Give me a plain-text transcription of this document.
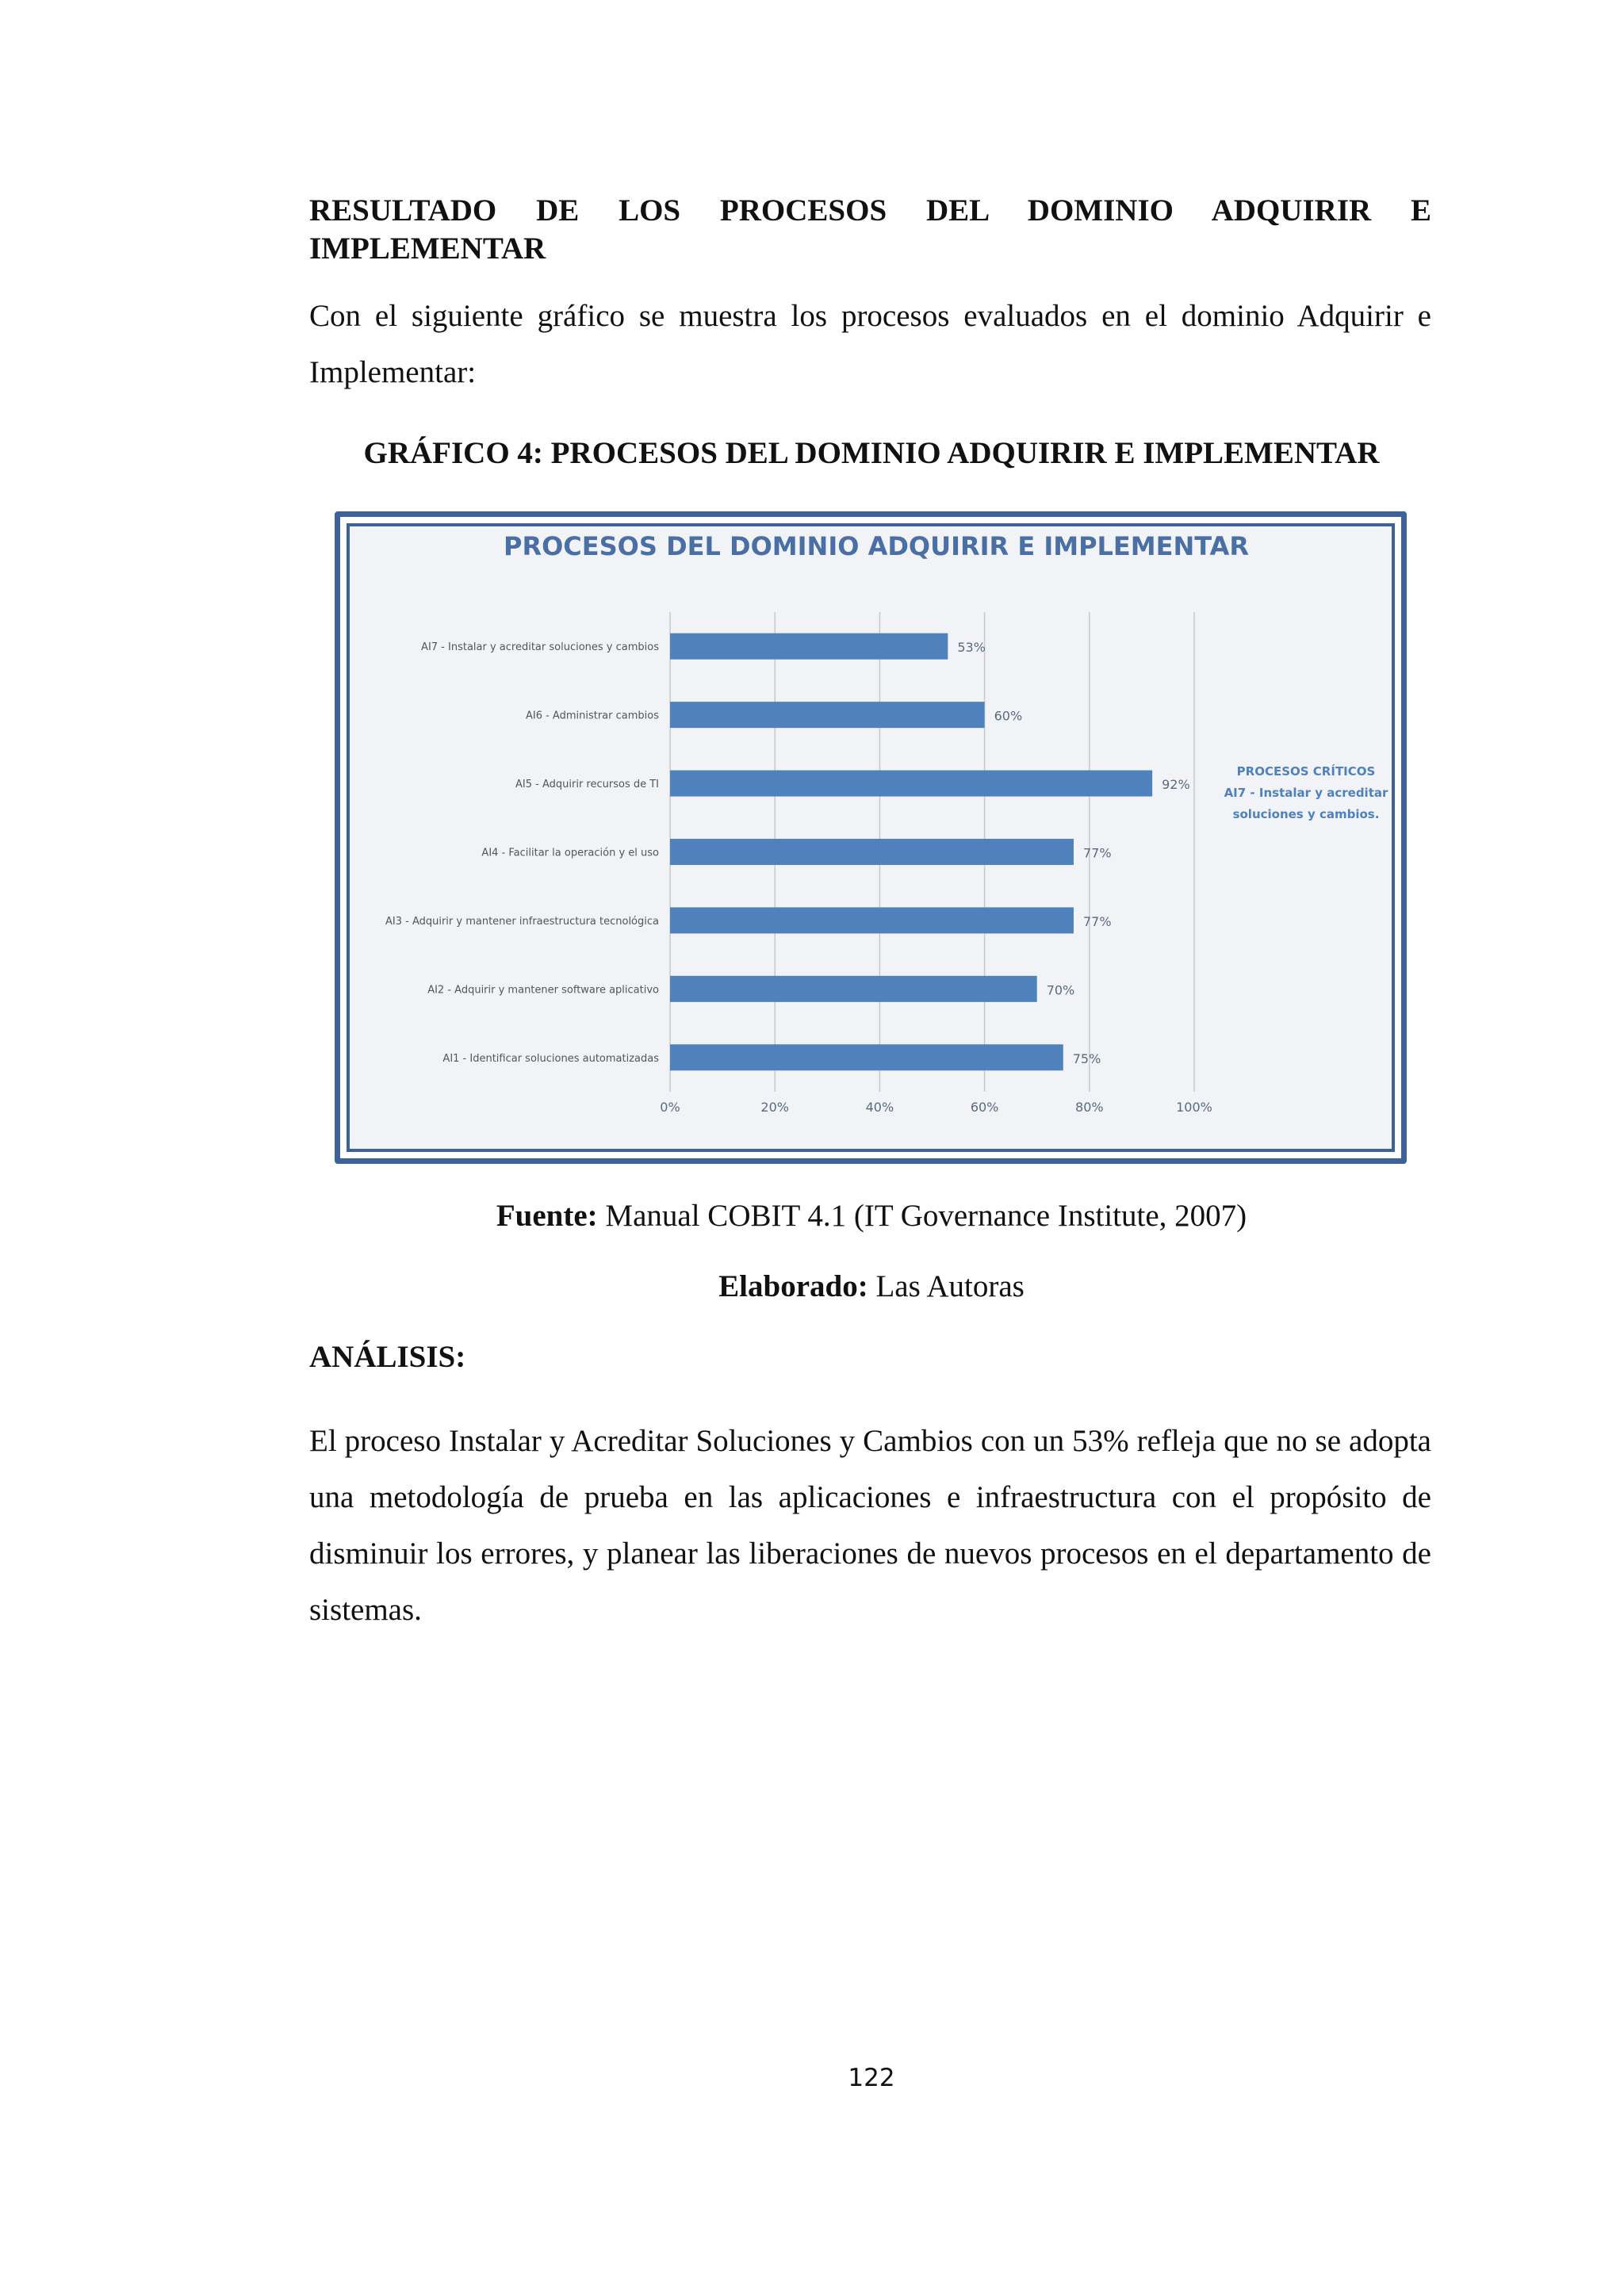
RESULTADO DE LOS PROCESOS DEL DOMINIO ADQUIRIR E

IMPLEMENTAR

Con el siguiente gráfico se muestra los procesos evaluados en el dominio Adquirir e Implementar:

GRÁFICO 4: PROCESOS DEL DOMINIO ADQUIRIR E IMPLEMENTAR

PROCESOS DEL DOMINIO ADQUIRIR E IMPLEMENTAR
0%	20%	40%	60%	80%	100%
AI7 - Instalar y acreditar soluciones y cambios	53%
AI6 - Administrar cambios	60%
AI5 - Adquirir recursos de TI	92%
AI4 - Facilitar la operación y el uso	77%
AI3 - Adquirir y mantener infraestructura tecnológica	77%
AI2 - Adquirir y mantener software aplicativo	70%
AI1 - Identificar soluciones automatizadas	75%
PROCESOS CRÍTICOS
AI7 - Instalar y acreditar
soluciones y cambios.

Fuente: Manual COBIT 4.1 (IT Governance Institute, 2007)

Elaborado: Las Autoras

ANÁLISIS:

El proceso Instalar y Acreditar Soluciones y Cambios con un 53% refleja que no se adopta una metodología de prueba en las aplicaciones e infraestructura con el propósito de disminuir los errores, y planear las liberaciones de nuevos procesos en el departamento de sistemas.

122
